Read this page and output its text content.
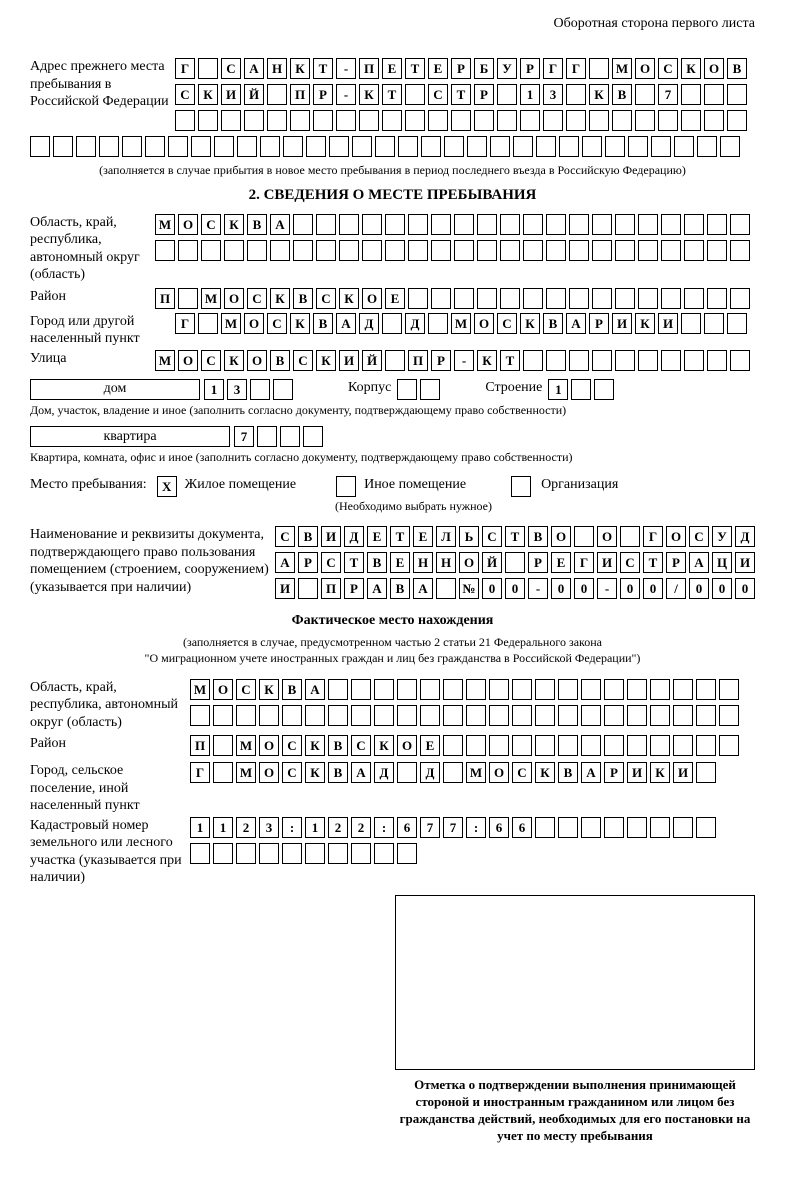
Оборотная сторона первого листа
Адрес прежнего места пребывания в Российской Федерации
Г	С	А	Н	К	Т	-	П	Е	Т	Е	Р	Б	У	Р	Г	Г	М О	С	К	О	В
С	К	И Й	П	Р	-	К	Т	С	Т	Р	1	3	К	В	7
(заполняется в случае прибытия в новое место пребывания в период последнего въезда в Российскую Федерацию)
2. СВЕДЕНИЯ О МЕСТЕ ПРЕБЫВАНИЯ
Область, край, республика, автономный округ (область)
М О	С	К	В	А
Район	П	М О	С	К	В	С	К	О	Е
Город или другой населенный пункт
Г	М О	С	К	В	А	Д	Д	М О	С	К	В	А	Р	И	К	И
Улица	М О	С	К	О	В	С	К	И Й	П	Р	-	К	Т
дом	1	3	Корпус	Строение 1
Дом, участок, владение и иное (заполнить согласно документу, подтверждающему право собственности)
квартира	7
Квартира, комната, офис и иное (заполнить согласно документу, подтверждающему право собственности)
Место пребывания:	X Жилое помещение	Иное помещение	Организация
(Необходимо выбрать нужное)
Наименование и реквизиты документа, подтверждающего право пользования помещением (строением, сооружением) (указывается при наличии)
С	В	И	Д	Е	Т	Е	Л	Ь	С	Т	В	О	О	Г	О	С	У	Д
А	Р	С	Т	В	Е	Н Н О Й	Р	Е	Г	И	С	Т	Р	А	Ц И
И	П	Р	А	В	А	№	0	0	-	0	0	-	0	0	/	0	0	0
Фактическое место нахождения
(заполняется в случае, предусмотренном частью 2 статьи 21 Федерального закона
"О миграционном учете иностранных граждан и лиц без гражданства в Российской Федерации")
Область, край, республика, автономный округ (область)
М О	С	К	В	А
Район	П	М О	С	К	В	С	К	О	Е
Город, сельское поселение, иной населенный пункт
Г	М О	С	К	В	А	Д	Д	М О	С	К	В	А	Р	И	К	И
Кадастровый номер земельного или лесного участка (указывается при наличии)
1	1	2	3	:	1	2	2	:	6	7	7	:	6	6
Отметка о подтверждении выполнения принимающей стороной и иностранным гражданином или лицом без гражданства действий, необходимых для его постановки на учет по месту пребывания
